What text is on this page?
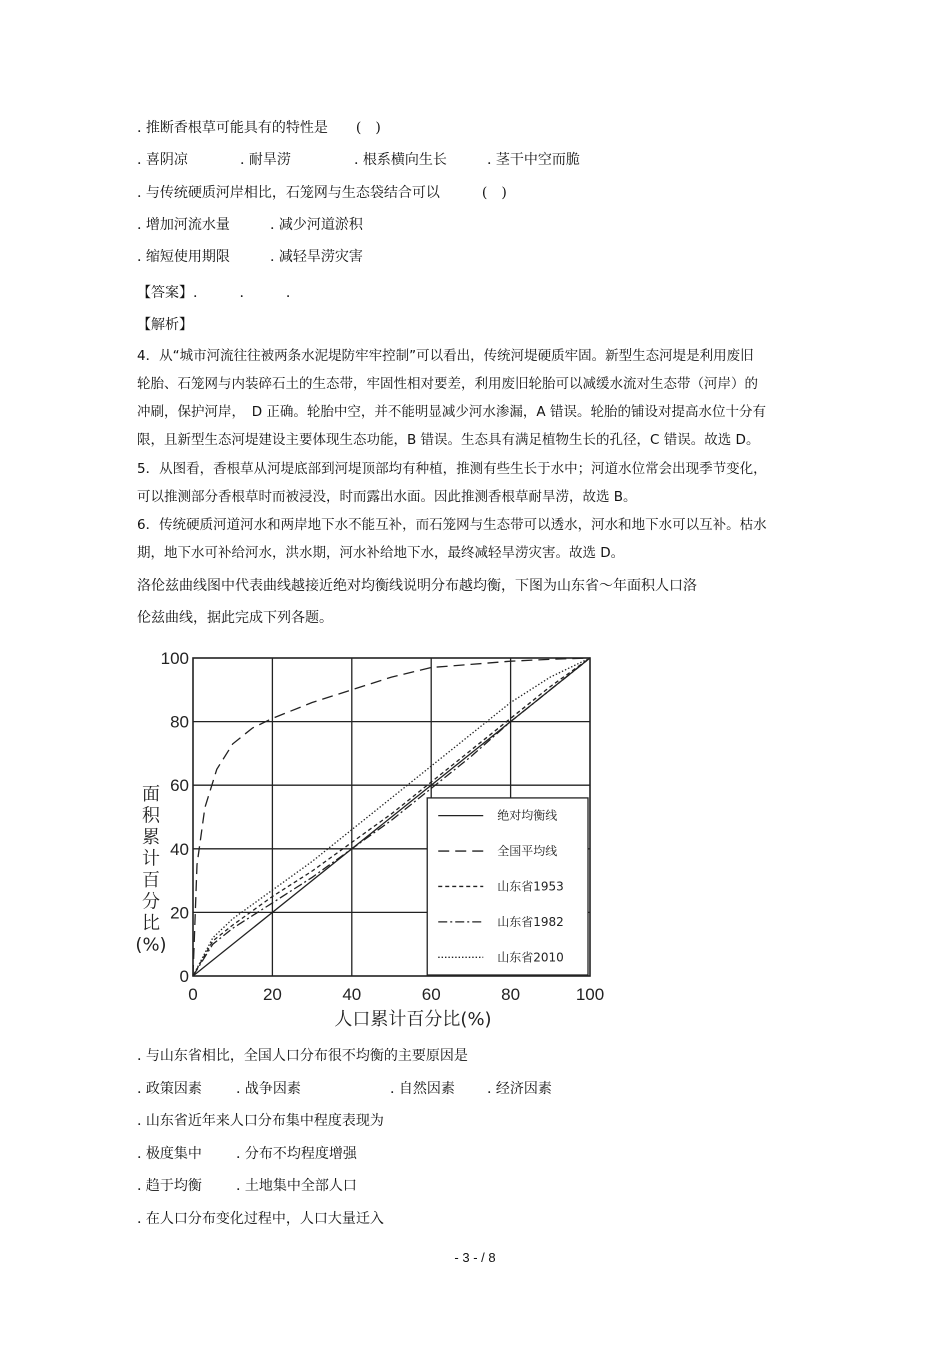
. 推断香根草可能具有的特性是　　(　)
. 喜阴凉	. 耐旱涝	. 根系横向生长	. 茎干中空而脆
. 与传统硬质河岸相比，石笼网与生态袋结合可以　　　(　)
. 增加河流水量	. 减少河道淤积
. 缩短使用期限	. 减轻旱涝灾害
【答案】.　　　.　　　.
【解析】
4．从“城市河流往往被两条水泥堤防牢牢控制”可以看出，传统河堤硬质牢固。新型生态河堤是利用废旧
轮胎、石笼网与内装碎石土的生态带，牢固性相对要差，利用废旧轮胎可以减缓水流对生态带（河岸）的
冲刷，保护河岸，　D 正确。轮胎中空，并不能明显减少河水渗漏，A 错误。轮胎的铺设对提高水位十分有
限，且新型生态河堤建设主要体现生态功能，B 错误。生态具有满足植物生长的孔径，C 错误。故选 D。
5．从图看，香根草从河堤底部到河堤顶部均有种植，推测有些生长于水中；河道水位常会出现季节变化，
可以推测部分香根草时而被浸没，时而露出水面。因此推测香根草耐旱涝，故选 B。
6．传统硬质河道河水和两岸地下水不能互补，而石笼网与生态带可以透水，河水和地下水可以互补。枯水
期，地下水可补给河水，洪水期，河水补给地下水，最终减轻旱涝灾害。故选 D。
洛伦兹曲线图中代表曲线越接近绝对均衡线说明分布越均衡，下图为山东省～年面积人口洛
伦兹曲线，据此完成下列各题。
0	20	40	60	80	100
0
20
40
60
80
100
面
积
累
计
百
分
比
(%)
人口累计百分比(%)
绝对均衡线
全国平均线
山东省1953
山东省1982
山东省2010
. 与山东省相比，全国人口分布很不均衡的主要原因是
. 政策因素 . 战争因素	. 自然因素 . 经济因素
. 山东省近年来人口分布集中程度表现为
. 极度集中 . 分布不均程度增强
. 趋于均衡 . 土地集中全部人口
. 在人口分布变化过程中，人口大量迁入
- 3 - / 8
